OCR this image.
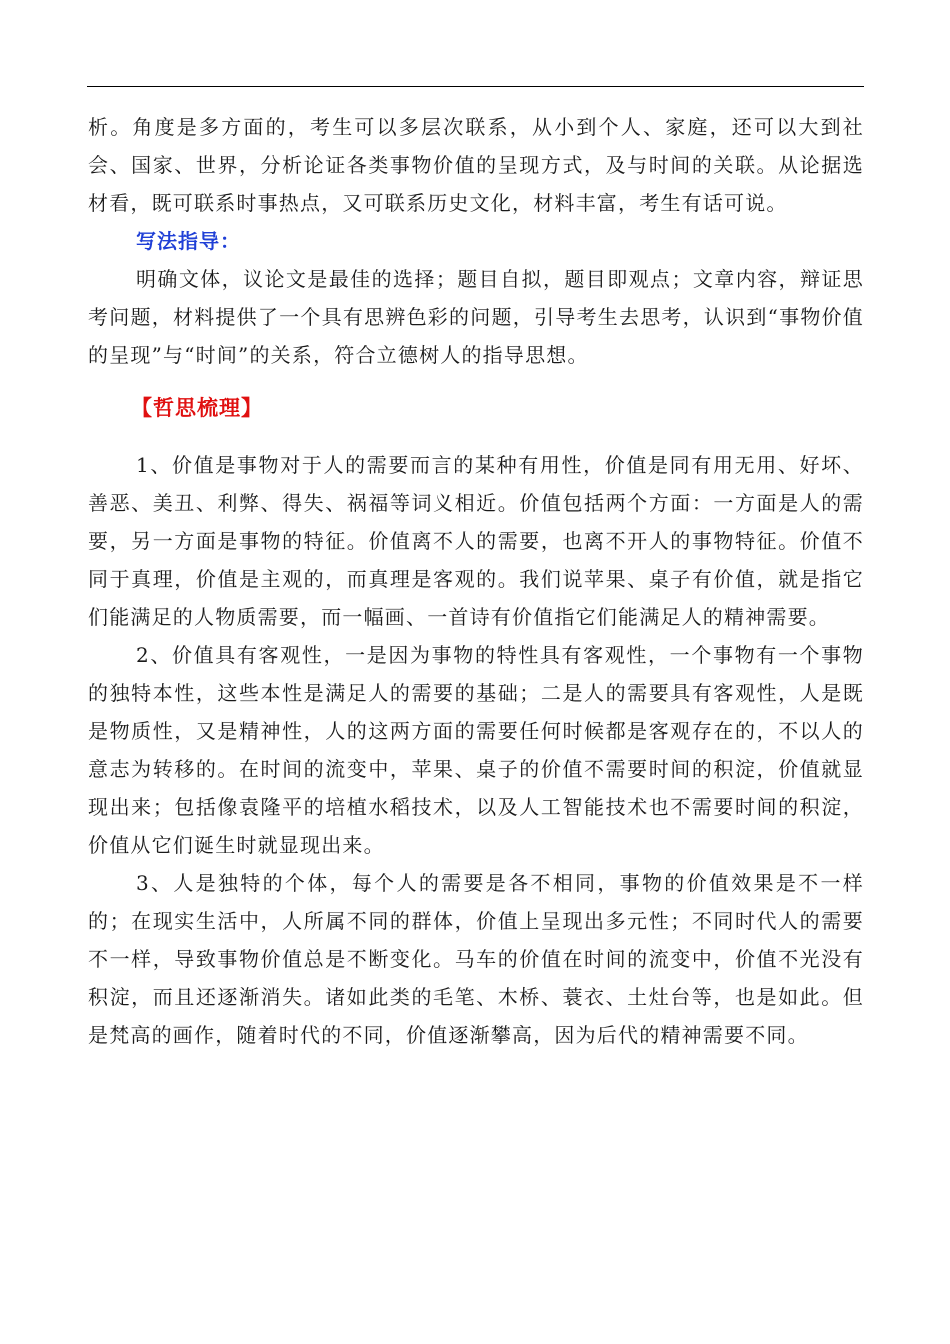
析。角度是多方面的，考生可以多层次联系，从小到个人、家庭，还可以大到社会、国家、世界，分析论证各类事物价值的呈现方式，及与时间的关联。从论据选材看，既可联系时事热点，又可联系历史文化，材料丰富，考生有话可说。

写法指导：

明确文体，议论文是最佳的选择；题目自拟，题目即观点；文章内容，辩证思考问题，材料提供了一个具有思辨色彩的问题，引导考生去思考，认识到“事物价值的呈现”与“时间”的关系，符合立德树人的指导思想。

【哲思梳理】

1、价值是事物对于人的需要而言的某种有用性，价值是同有用无用、好坏、善恶、美丑、利弊、得失、祸福等词义相近。价值包括两个方面：一方面是人的需要，另一方面是事物的特征。价值离不人的需要，也离不开人的事物特征。价值不同于真理，价值是主观的，而真理是客观的。我们说苹果、桌子有价值，就是指它们能满足的人物质需要，而一幅画、一首诗有价值指它们能满足人的精神需要。

2、价值具有客观性，一是因为事物的特性具有客观性，一个事物有一个事物的独特本性，这些本性是满足人的需要的基础；二是人的需要具有客观性，人是既是物质性，又是精神性，人的这两方面的需要任何时候都是客观存在的，不以人的意志为转移的。在时间的流变中，苹果、桌子的价值不需要时间的积淀，价值就显现出来；包括像袁隆平的培植水稻技术，以及人工智能技术也不需要时间的积淀，价值从它们诞生时就显现出来。

3、人是独特的个体，每个人的需要是各不相同，事物的价值效果是不一样的；在现实生活中，人所属不同的群体，价值上呈现出多元性；不同时代人的需要不一样，导致事物价值总是不断变化。马车的价值在时间的流变中，价值不光没有积淀，而且还逐渐消失。诸如此类的毛笔、木桥、蓑衣、土灶台等，也是如此。但是梵高的画作，随着时代的不同，价值逐渐攀高，因为后代的精神需要不同。
